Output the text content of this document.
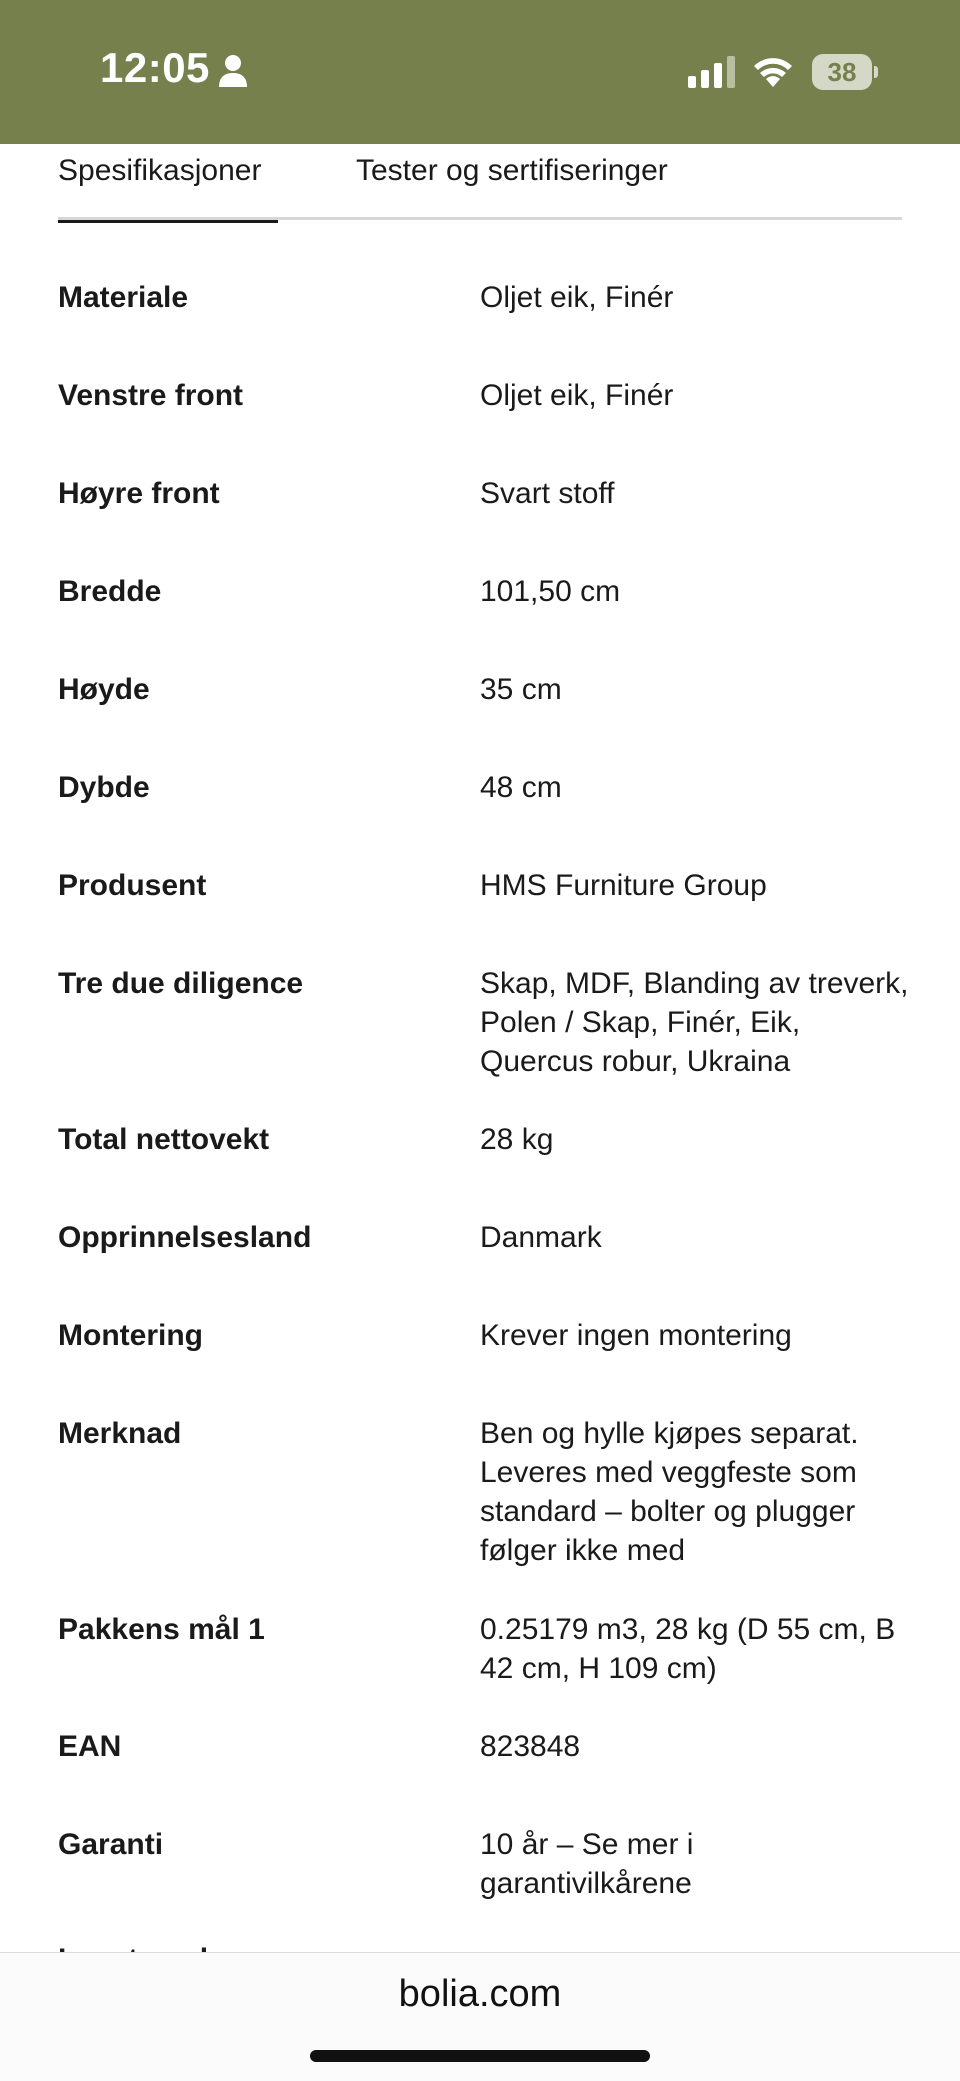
12:05	38
Spesifikasjoner	Tester og sertifiseringer
Materiale	Oljet eik, Finér
Venstre front	Oljet eik, Finér
Høyre front	Svart stoff
Bredde	101,50 cm
Høyde	35 cm
Dybde	48 cm
Produsent	HMS Furniture Group
Tre due diligence	Skap, MDF, Blanding av treverk, Polen / Skap, Finér, Eik, Quercus robur, Ukraina
Total nettovekt	28 kg
Opprinnelsesland	Danmark
Montering	Krever ingen montering
Merknad	Ben og hylle kjøpes separat. Leveres med veggfeste som standard – bolter og plugger følger ikke med
Pakkens mål 1	0.25179 m3, 28 kg (D 55 cm, B 42 cm, H 109 cm)
EAN	823848
Garanti	10 år – Se mer i garantivilkårene
bolia.com
